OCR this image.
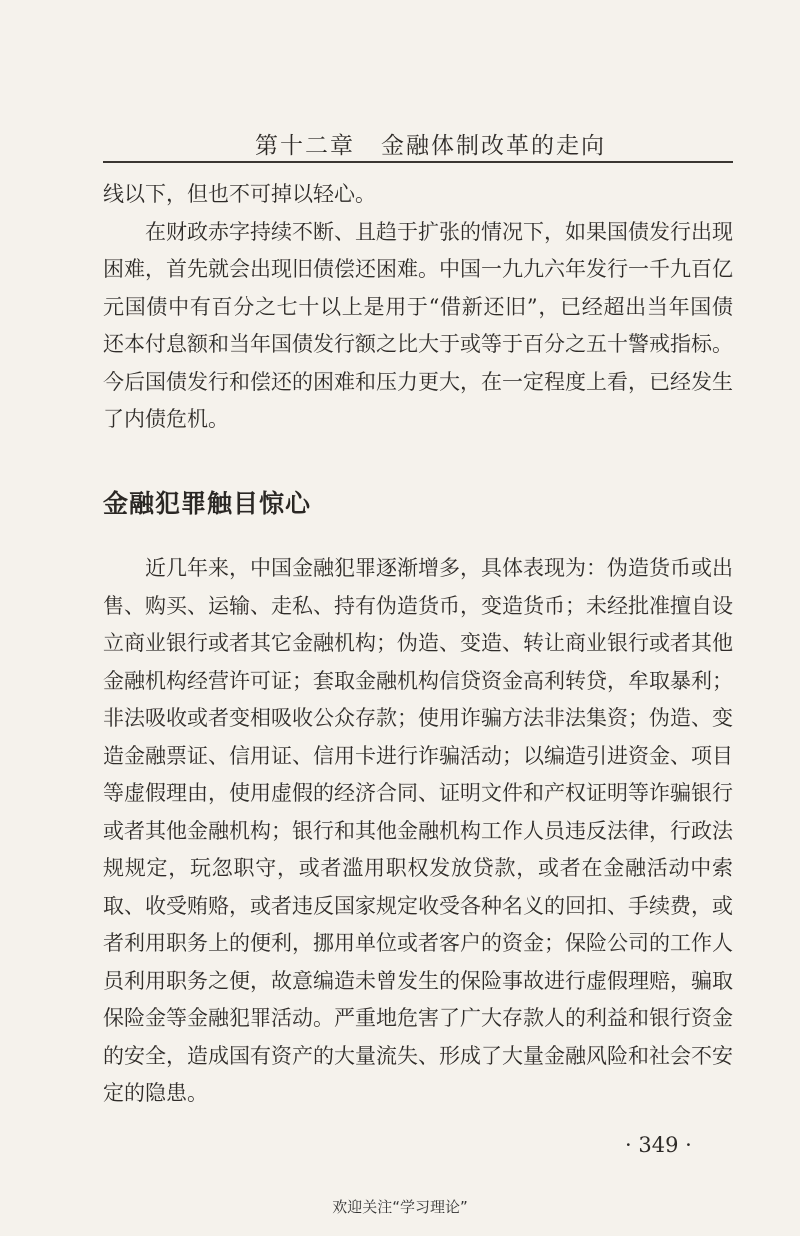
第十二章 金融体制改革的走向

线以下，但也不可掉以轻心。

在财政赤字持续不断、且趋于扩张的情况下，如果国债发行出现困难，首先就会出现旧债偿还困难。中国一九九六年发行一千九百亿元国债中有百分之七十以上是用于“借新还旧”，已经超出当年国债还本付息额和当年国债发行额之比大于或等于百分之五十警戒指标。今后国债发行和偿还的困难和压力更大，在一定程度上看，已经发生了内债危机。

金融犯罪触目惊心

近几年来，中国金融犯罪逐渐增多，具体表现为：伪造货币或出售、购买、运输、走私、持有伪造货币，变造货币；未经批准擅自设立商业银行或者其它金融机构；伪造、变造、转让商业银行或者其他金融机构经营许可证；套取金融机构信贷资金高利转贷，牟取暴利；非法吸收或者变相吸收公众存款；使用诈骗方法非法集资；伪造、变造金融票证、信用证、信用卡进行诈骗活动；以编造引进资金、项目等虚假理由，使用虚假的经济合同、证明文件和产权证明等诈骗银行或者其他金融机构；银行和其他金融机构工作人员违反法律，行政法规规定，玩忽职守，或者滥用职权发放贷款，或者在金融活动中索取、收受贿赂，或者违反国家规定收受各种名义的回扣、手续费，或者利用职务上的便利，挪用单位或者客户的资金；保险公司的工作人员利用职务之便，故意编造未曾发生的保险事故进行虚假理赔，骗取保险金等金融犯罪活动。严重地危害了广大存款人的利益和银行资金的安全，造成国有资产的大量流失、形成了大量金融风险和社会不安定的隐患。

· 349 ·
欢迎关注“学习理论”
